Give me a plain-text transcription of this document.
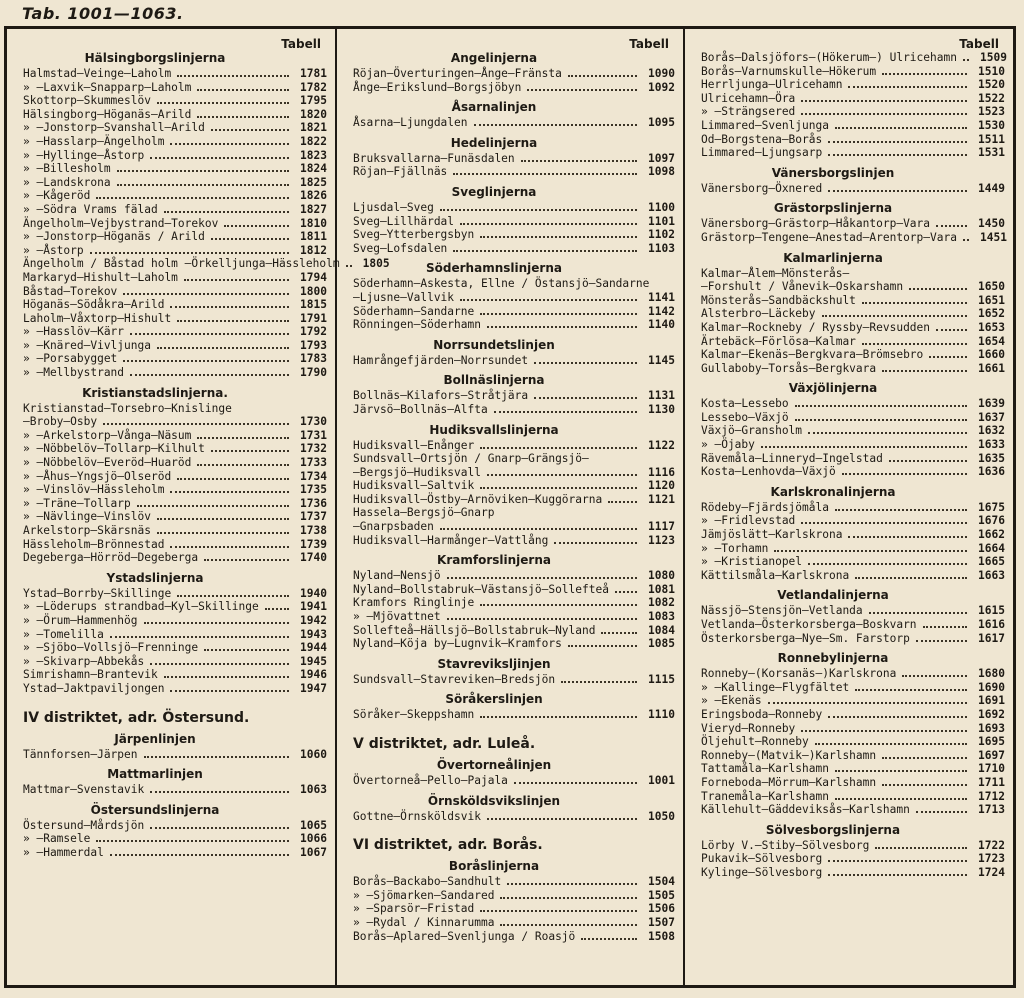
Tab. 1001—1063.
Tabell
Hälsingborgslinjerna
Halmstad—Veinge—Laholm	1781
» —Laxvik—Snapparp—Laholm	1782
Skottorp—Skummeslöv	1795
Hälsingborg—Höganäs—Arild	1820
» —Jonstorp—Svanshall—Arild	1821
» —Hasslarp—Ängelholm	1822
» —Hyllinge—Åstorp	1823
» —Billesholm	1824
» —Landskrona	1825
» —Kågeröd	1826
» —Södra Vrams fälad	1827
Ängelholm—Vejbystrand—Torekov	1810
» —Jonstorp—Höganäs / Arild	1811
» —Åstorp	1812
Ängelholm / Båstad holm —Örkelljunga—Hässleholm	1805
Markaryd—Hishult—Laholm	1794
Båstad—Torekov	1800
Höganäs—Södåkra—Arild	1815
Laholm—Våxtorp—Hishult	1791
» —Hasslöv—Kärr	1792
» —Knäred—Vivljunga	1793
» —Porsabygget	1783
» —Mellbystrand	1790
Kristianstadslinjerna.
Kristianstad—Torsebro—Knislinge
—Broby—Osby	1730
» —Arkelstorp—Vånga—Näsum	1731
» —Nöbbelöv—Tollarp—Kilhult	1732
» —Nöbbelöv—Everöd—Huaröd	1733
» —Åhus—Yngsjö—Olseröd	1734
» —Vinslöv—Hässleholm	1735
» —Träne—Tollarp	1736
» —Nävlinge—Vinslöv	1737
Arkelstorp—Skärsnäs	1738
Hässleholm—Brönnestad	1739
Degeberga—Hörröd—Degeberga	1740
Ystadslinjerna
Ystad—Borrby—Skillinge	1940
» —Löderups strandbad—Kyl—Skillinge	1941
» —Örum—Hammenhög	1942
» —Tomelilla	1943
» —Sjöbo—Vollsjö—Frenninge	1944
» —Skivarp—Abbekås	1945
Simrishamn—Brantevik	1946
Ystad—Jaktpaviljongen	1947
IV distriktet, adr. Östersund.
Järpenlinjen
Tännforsen—Järpen	1060
Mattmarlinjen
Mattmar—Svenstavik	1063
Östersundslinjerna
Östersund—Mårdsjön	1065
» —Ramsele	1066
» —Hammerdal	1067
Tabell
Angelinjerna
Röjan—Överturingen—Ånge—Fränsta	1090
Ånge—Erikslund—Borgsjöbyn	1092
Åsarnalinjen
Åsarna—Ljungdalen	1095
Hedelinjerna
Bruksvallarna—Funäsdalen	1097
Röjan—Fjällnäs	1098
Sveglinjerna
Ljusdal—Sveg	1100
Sveg—Lillhärdal	1101
Sveg—Ytterbergsbyn	1102
Sveg—Lofsdalen	1103
Söderhamnslinjerna
Söderhamn—Askesta, Ellne / Östansjö—Sandarne
—Ljusne—Vallvik	1141
Söderhamn—Sandarne	1142
Rönningen—Söderhamn	1140
Norrsundetslinjen
Hamrångefjärden—Norrsundet	1145
Bollnäslinjerna
Bollnäs—Kilafors—Stråtjära	1131
Järvsö—Bollnäs—Alfta	1130
Hudiksvallslinjerna
Hudiksvall—Enånger	1122
Sundsvall—Ortsjön / Gnarp—Grängsjö—
—Bergsjö—Hudiksvall	1116
Hudiksvall—Saltvik	1120
Hudiksvall—Östby—Arnöviken—Kuggörarna	1121
Hassela—Bergsjö—Gnarp
—Gnarpsbaden	1117
Hudiksvall—Harmånger—Vattlång	1123
Kramforslinjerna
Nyland—Nensjö	1080
Nyland—Bollstabruk—Västansjö—Sollefteå	1081
Kramfors Ringlinje	1082
» —Mjövattnet	1083
Sollefteå—Hällsjö—Bollstabruk—Nyland	1084
Nyland—Köja by—Lugnvik—Kramfors	1085
Stavreviksljinjen
Sundsvall—Stavreviken—Bredsjön	1115
Söråkerslinjen
Söråker—Skeppshamn	1110
V distriktet, adr. Luleå.
Övertorneålinjen
Övertorneå—Pello—Pajala	1001
Örnsköldsvikslinjen
Gottne—Örnsköldsvik	1050
VI distriktet, adr. Borås.
Boråslinjerna
Borås—Backabo—Sandhult	1504
» —Sjömarken—Sandared	1505
» —Sparsör—Fristad	1506
» —Rydal / Kinnarumma	1507
Borås—Aplared—Svenljunga / Roasjö	1508
Tabell
Borås—Dalsjöfors—(Hökerum—) Ulricehamn	1509
Borås—Varnumskulle—Hökerum	1510
Herrljunga—Ulricehamn	1520
Ulricehamn—Öra	1522
» —Strängsered	1523
Limmared—Svenljunga	1530
Od—Borgstena—Borås	1511
Limmared—Ljungsarp	1531
Vänersborgslinjen
Vänersborg—Öxnered	1449
Grästorpslinjerna
Vänersborg—Grästorp—Håkantorp—Vara	1450
Grästorp—Tengene—Anestad—Arentorp—Vara	1451
Kalmarlinjerna
Kalmar—Ålem—Mönsterås—
—Forshult / Vånevik—Oskarshamn	1650
Mönsterås—Sandbäckshult	1651
Alsterbro—Läckeby	1652
Kalmar—Rockneby / Ryssby—Revsudden	1653
Ärtebäck—Förlösa—Kalmar	1654
Kalmar—Ekenäs—Bergkvara—Brömsebro	1660
Gullaboby—Torsås—Bergkvara	1661
Växjölinjerna
Kosta—Lessebo	1639
Lessebo—Växjö	1637
Växjö—Gransholm	1632
» —Öjaby	1633
Rävemåla—Linneryd—Ingelstad	1635
Kosta—Lenhovda—Växjö	1636
Karlskronalinjerna
Rödeby—Fjärdsjömåla	1675
» —Fridlevstad	1676
Jämjöslätt—Karlskrona	1662
» —Torhamn	1664
» —Kristianopel	1665
Kättilsmåla—Karlskrona	1663
Vetlandalinjerna
Nässjö—Stensjön—Vetlanda	1615
Vetlanda—Österkorsberga—Boskvarn	1616
Österkorsberga—Nye—Sm. Farstorp	1617
Ronnebylinjerna
Ronneby—(Korsanäs—)Karlskrona	1680
» —Kallinge—Flygfältet	1690
» —Ekenäs	1691
Eringsboda—Ronneby	1692
Vieryd—Ronneby	1693
Öljehult—Ronneby	1695
Ronneby—(Matvik—)Karlshamn	1697
Tattamåla—Karlshamn	1710
Forneboda—Mörrum—Karlshamn	1711
Tranemåla—Karlshamn	1712
Källehult—Gäddeviksås—Karlshamn	1713
Sölvesborgslinjerna
Lörby V.—Stiby—Sölvesborg	1722
Pukavik—Sölvesborg	1723
Kylinge—Sölvesborg	1724
